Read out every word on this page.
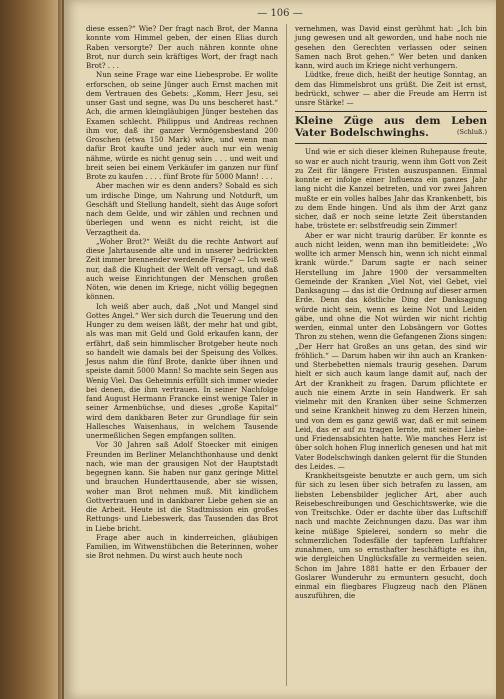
— 106 —

diese essen?“ Wie? Der fragt nach Brot, der Manna konnte vom Himmel geben, der einen Elias durch Raben versorgte? Der auch nähren konnte ohne Brot, nur durch sein kräftiges Wort, der fragt nach Brot? . . .

Nun seine Frage war eine Liebesprobe. Er wollte erforschen, ob seine Jünger auch Ernst machen mit dem Vertrauen des Gebets: „Komm, Herr Jesu, sei unser Gast und segne, was Du uns bescheret hast.“ Ach, die armen kleingläubigen Jünger bestehen das Examen schlecht. Philippus und Andreas rechnen ihm vor, daß ihr ganzer Vermögensbestand 200 Groschen (etwa 150 Mark) wäre, und wenn man dafür Brot kaufte und jeder auch nur ein wenig nähme, würde es nicht genug sein . . . und weit und breit seien bei einem Verkäufer im ganzen nur fünf Brote zu kaufen . . . . fünf Brote für 5000 Mann! . . .

Aber machen wir es denn anders? Sobald es sich um irdische Dinge, um Nahrung und Notdurft, um Geschäft und Stellung handelt, sieht das Auge sofort nach dem Gelde, und wir zählen und rechnen und überlegen und wenn es nicht reicht, ist die Verzagtheit da.

„Woher Brot?“ Weißt du die rechte Antwort auf diese Jahrtausende alte und in unserer bedrückten Zeit immer brennender werdende Frage? — Ich weiß nur, daß die Klugheit der Welt oft versagt, und daß auch weise Einrichtungen der Menschen großen Nöten, wie denen im Kriege, nicht völlig begegnen können.

Ich weiß aber auch, daß „Not und Mangel sind Gottes Angel.“ Wer sich durch die Teuerung und den Hunger zu dem weisen läßt, der mehr hat und gibt, als was man mit Geld und Gold erkaufen kann, der erfährt, daß sein himmlischer Brotgeber heute noch so handelt wie damals bei der Speisung des Volkes. Jesus nahm die fünf Brote, dankte über ihnen und speiste damit 5000 Mann! So machte sein Segen aus Wenig Viel. Das Geheimnis erfüllt sich immer wieder bei denen, die ihm vertrauen. In seiner Nachfolge fand August Hermann Francke einst wenige Taler in seiner Armenbüchse, und dieses „große Kapital“ wird dem dankbaren Beter zur Grundlage für sein Hallesches Waisenhaus, in welchem Tausende unermeßlichen Segen empfangen sollten.

Vor 30 Jahren saß Adolf Stoecker mit einigen Freunden im Berliner Melanchthonhause und denkt nach, wie man der grausigen Not der Hauptstadt begegnen kann. Sie haben nur ganz geringe Mittel und brauchen Hunderttausende, aber sie wissen, woher man Brot nehmen muß. Mit kindlichem Gottvertrauen und in dankbarer Liebe gehen sie an die Arbeit. Heute ist die Stadtmission ein großes Rettungs- und Liebeswerk, das Tausenden das Brot in Liebe bricht.

Frage aber auch in kinderreichen, gläubigen Familien, im Witwenstübchen die Beterinnen, woher sie Brot nehmen. Du wirst auch heute noch

vernehmen, was David einst gerühmt hat: „Ich bin jung gewesen und alt geworden, und habe noch nie gesehen den Gerechten verlassen oder seinen Samen nach Brot gehen.“ Wer beten und danken kann, wird auch im Kriege nicht verhungern.

Lüdtke, freue dich, heißt der heutige Sonntag, an dem das Himmelsbrot uns grüßt. Die Zeit ist ernst, bedrückt, schwer — aber die Freude am Herrn ist unsre Stärke! —

Kleine Züge aus dem Leben Vater Bodelschwinghs.	(Schluß.)

Und wie er sich dieser kleinen Ruhepause freute, so war er auch nicht traurig, wenn ihm Gott von Zeit zu Zeit für längere Fristen auszuspannen. Einmal konnte er infolge einer Influenza ein ganzes Jahr lang nicht die Kanzel betreten, und vor zwei Jahren mußte er ein volles halbes Jahr das Krankenbett, bis zu dem Ende hingen. Und als ihm der Arzt ganz sicher, daß er noch seine letzte Zeit überstanden habe, tröstete er: selbstfreudig sein Zimmer!

Aber er war nicht traurig darüber. Er konnte es auch nicht leiden, wenn man ihn bemitleidete: „Wo wollte ich armer Mensch hin, wenn ich nicht einmal krank würde.“ Darum sagte er nach seiner Herstellung im Jahre 1900 der versammelten Gemeinde der Kranken „Viel Not, viel Gebet, viel Danksagung — das ist die Ordnung auf dieser armen Erde. Denn das köstliche Ding der Danksagung würde nicht sein, wenn es keine Not und Leiden gäbe, und ohne die Not würden wir nicht richtig werden, einmal unter den Lobsängern vor Gottes Thron zu stehen, wenn die Gefangenen Zions singen: „Der Herr hat Großes an uns getan, des sind wir fröhlich.“ — Darum haben wir ihn auch an Kranken- und Sterbebetten niemals traurig gesehen. Darum hielt er sich auch kaum lange damit auf, nach der Art der Krankheit zu fragen. Darum pflichtete er auch nie einem Arzte in sein Handwerk. Er sah vielmehr mit den Kranken über seine Schmerzen und seine Krankheit hinweg zu dem Herzen hinein, und von dem es ganz gewiß war, daß er mit seinem Leid, das er auf zu tragen lernte, mit seiner Liebe- und Friedensabsichten hatte. Wie manches Herz ist über solch hohen Flug innerlich genesen und hat mit Vater Bodelschwingh danken gelernt für die Stunden des Leides. —

Krankheitsgeiste benutzte er auch gern, um sich für sich zu lesen über sich betrafen zu lassen, am liebsten Lebensbilder jeglicher Art, aber auch Reisebeschreibungen und Geschichtswerke, wie die von Treitschke. Oder er dachte über das Luftschiff nach und machte Zeichnungen dazu. Das war ihm keine müßige Spielerei, sondern so mehr die schmerzlichen Todesfälle der tapferen Luftfahrer zunahmen, um so ernsthafter beschäftigte es ihn, wie dergleichen Unglücksfälle zu vermeiden seien. Schon im Jahre 1881 hatte er den Erbauer der Goslarer Wunderuhr zu ermuntern gesucht, doch einmal ein fliegbares Flugzeug nach den Plänen auszuführen, die
